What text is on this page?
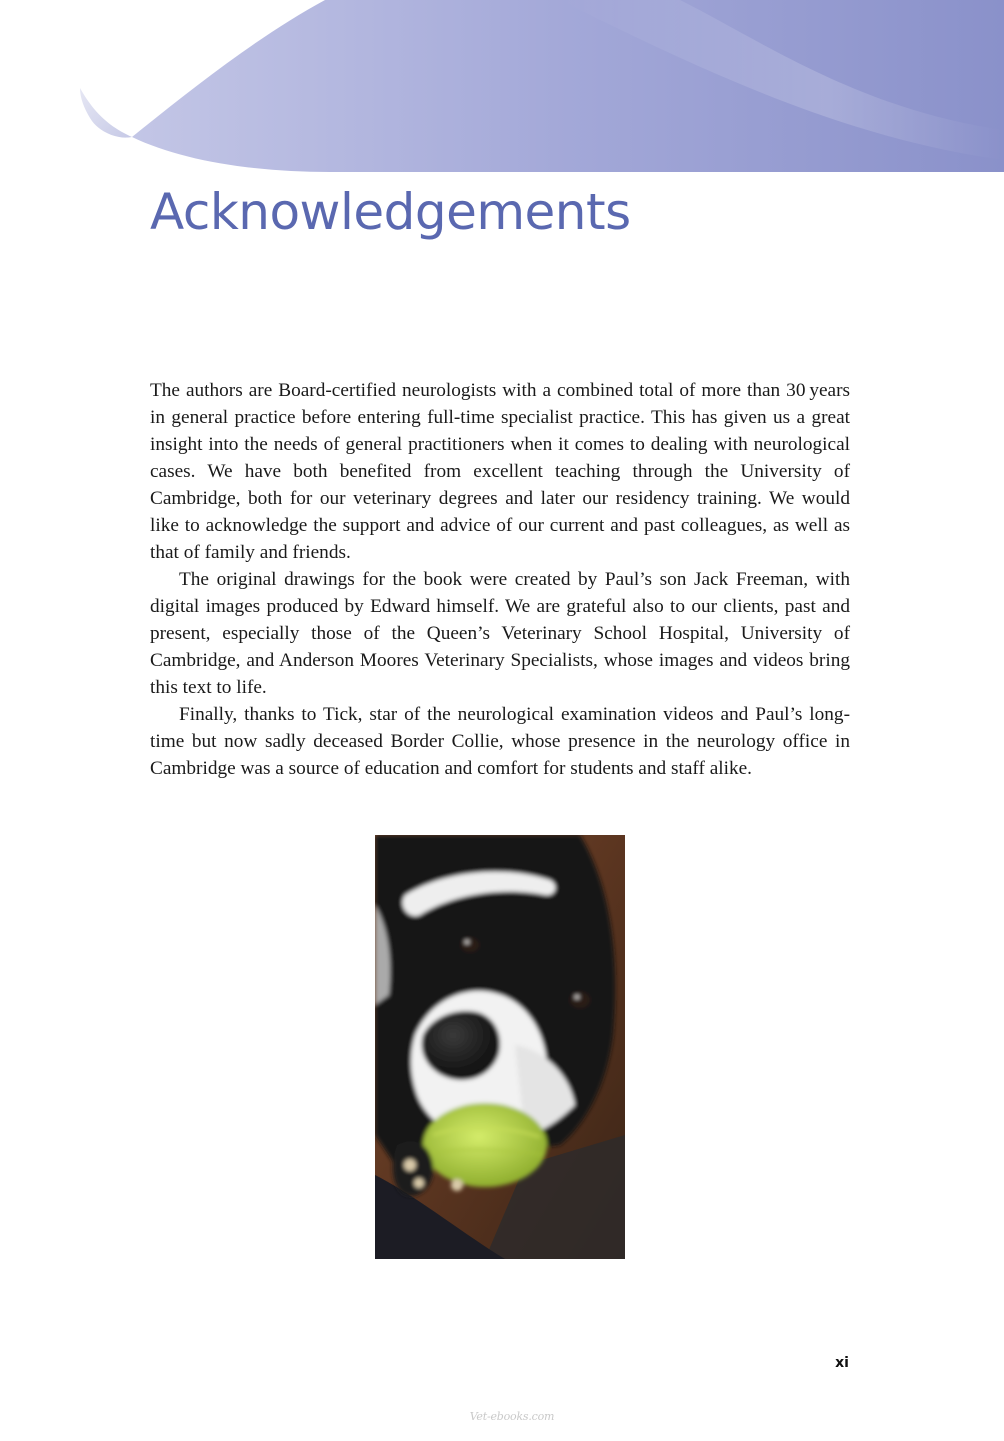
Acknowledgements

The authors are Board-certified neurologists with a combined total of more than 30 years in general practice before entering full-time specialist practice. This has given us a great insight into the needs of general practitioners when it comes to dealing with neurological cases. We have both benefited from excellent teaching through the University of Cambridge, both for our veterinary degrees and later our residency training. We would like to acknowledge the support and advice of our current and past colleagues, as well as that of family and friends.

The original drawings for the book were created by Paul’s son Jack Freeman, with digital images produced by Edward himself. We are grateful also to our clients, past and present, especially those of the Queen’s Veterinary School Hospital, University of Cambridge, and Anderson Moores Veterinary Specialists, whose images and videos bring this text to life.

Finally, thanks to Tick, star of the neurological examination videos and Paul’s long-time but now sadly deceased Border Collie, whose presence in the neurology office in Cambridge was a source of education and comfort for students and staff alike.

xi
Vet-ebooks.com
